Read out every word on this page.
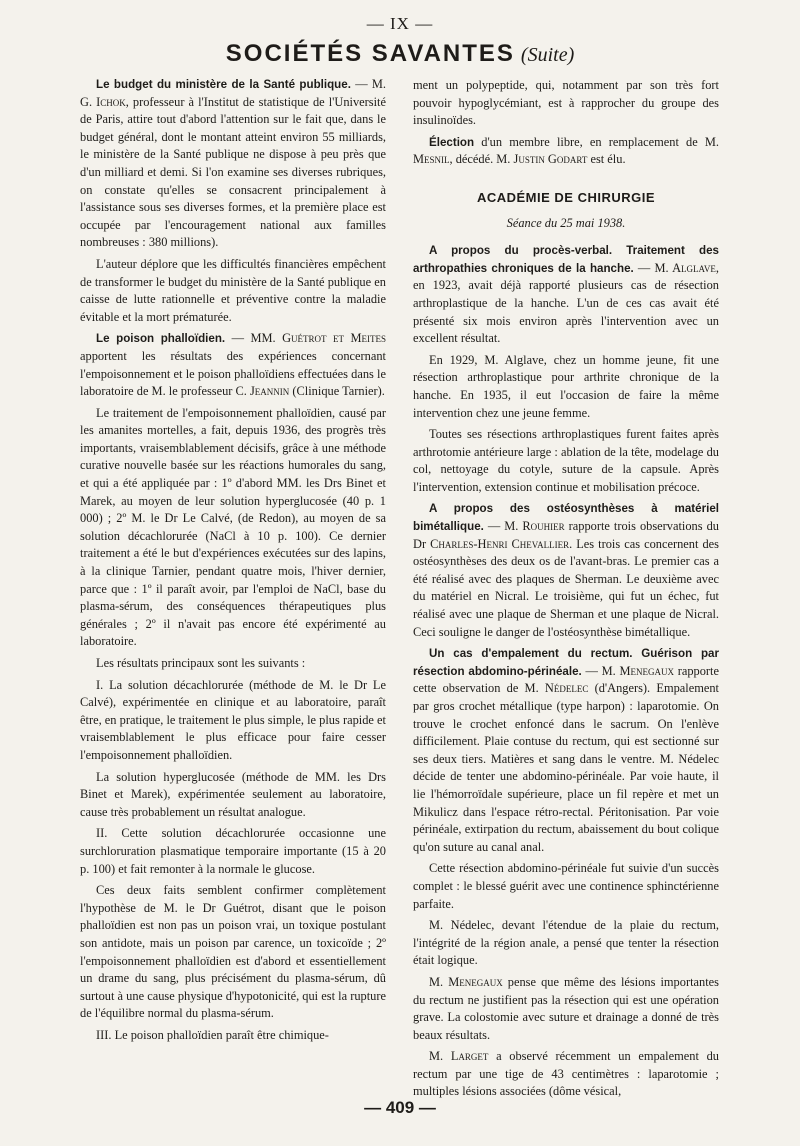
— IX —
SOCIÉTÉS SAVANTES (Suite)

Le budget du ministère de la Santé publique. — M. G. Ichok, professeur à l'Institut de statistique de l'Université de Paris, attire tout d'abord l'attention sur le fait que, dans le budget général, dont le montant atteint environ 55 milliards, le ministère de la Santé publique ne dispose à peu près que d'un milliard et demi. Si l'on examine ses diverses rubriques, on constate qu'elles se consacrent principalement à l'assistance sous ses diverses formes, et la première place est occupée par l'encouragement national aux familles nombreuses : 380 millions).

L'auteur déplore que les difficultés financières empêchent de transformer le budget du ministère de la Santé publique en caisse de lutte rationnelle et préventive contre la maladie évitable et la mort prématurée.

Le poison phalloïdien. — MM. Guétrot et Meites apportent les résultats des expériences concernant l'empoisonnement et le poison phalloïdiens effectuées dans le laboratoire de M. le professeur C. Jeannin (Clinique Tarnier).

Le traitement de l'empoisonnement phalloïdien, causé par les amanites mortelles, a fait, depuis 1936, des progrès très importants, vraisemblablement décisifs, grâce à une méthode curative nouvelle basée sur les réactions humorales du sang, et qui a été appliquée par : 1º d'abord MM. les Drs Binet et Marek, au moyen de leur solution hyperglucosée (40 p. 1 000) ; 2º M. le Dr Le Calvé, (de Redon), au moyen de sa solution décachlorurée (NaCl à 10 p. 100). Ce dernier traitement a été le but d'expériences exécutées sur des lapins, à la clinique Tarnier, pendant quatre mois, l'hiver dernier, parce que : 1º il paraît avoir, par l'emploi de NaCl, base du plasma-sérum, des conséquences thérapeutiques plus générales ; 2º il n'avait pas encore été expérimenté au laboratoire.

Les résultats principaux sont les suivants :

I. La solution décachlorurée (méthode de M. le Dr Le Calvé), expérimentée en clinique et au laboratoire, paraît être, en pratique, le traitement le plus simple, le plus rapide et vraisemblablement le plus efficace pour faire cesser l'empoisonnement phalloïdien.

La solution hyperglucosée (méthode de MM. les Drs Binet et Marek), expérimentée seulement au laboratoire, cause très probablement un résultat analogue.

II. Cette solution décachlorurée occasionne une surchloruration plasmatique temporaire importante (15 à 20 p. 100) et fait remonter à la normale le glucose.

Ces deux faits semblent confirmer complètement l'hypothèse de M. le Dr Guétrot, disant que le poison phalloïdien est non pas un poison vrai, un toxique postulant son antidote, mais un poison par carence, un toxicoïde ; 2º l'empoisonnement phalloïdien est d'abord et essentiellement un drame du sang, plus précisément du plasma-sérum, dû surtout à une cause physique d'hypotonicité, qui est la rupture de l'équilibre normal du plasma-sérum.

III. Le poison phalloïdien paraît être chimique-

ment un polypeptide, qui, notamment par son très fort pouvoir hypoglycémiant, est à rapprocher du groupe des insulinoïdes.

Élection d'un membre libre, en remplacement de M. Mesnil, décédé. M. Justin Godart est élu.

ACADÉMIE DE CHIRURGIE
Séance du 25 mai 1938.

A propos du procès-verbal. Traitement des arthropathies chroniques de la hanche. — M. Alglave, en 1923, avait déjà rapporté plusieurs cas de résection arthroplastique de la hanche. L'un de ces cas avait été présenté six mois environ après l'intervention avec un excellent résultat.

En 1929, M. Alglave, chez un homme jeune, fit une résection arthroplastique pour arthrite chronique de la hanche. En 1935, il eut l'occasion de faire la même intervention chez une jeune femme.

Toutes ses résections arthroplastiques furent faites après arthrotomie antérieure large : ablation de la tête, modelage du col, nettoyage du cotyle, suture de la capsule. Après l'intervention, extension continue et mobilisation précoce.

A propos des ostéosynthèses à matériel bimétallique. — M. Rouhier rapporte trois observations du Dr Charles-Henri Chevallier. Les trois cas concernent des ostéosynthèses des deux os de l'avant-bras. Le premier cas a été réalisé avec des plaques de Sherman. Le deuxième avec du matériel en Nicral. Le troisième, qui fut un échec, fut réalisé avec une plaque de Sherman et une plaque de Nicral. Ceci souligne le danger de l'ostéosynthèse bimétallique.

Un cas d'empalement du rectum. Guérison par résection abdomino-périnéale. — M. Menegaux rapporte cette observation de M. Nédelec (d'Angers). Empalement par gros crochet métallique (type harpon) : laparotomie. On trouve le crochet enfoncé dans le sacrum. On l'enlève difficilement. Plaie contuse du rectum, qui est sectionné sur ses deux tiers. Matières et sang dans le ventre. M. Nédelec décide de tenter une abdomino-périnéale. Par voie haute, il lie l'hémorroïdale supérieure, place un fil repère et met un Mikulicz dans l'espace rétro-rectal. Péritonisation. Par voie périnéale, extirpation du rectum, abaissement du bout colique qu'on suture au canal anal.

Cette résection abdomino-périnéale fut suivie d'un succès complet : le blessé guérit avec une continence sphinctérienne parfaite.

M. Nédelec, devant l'étendue de la plaie du rectum, l'intégrité de la région anale, a pensé que tenter la résection était logique.

M. Menegaux pense que même des lésions importantes du rectum ne justifient pas la résection qui est une opération grave. La colostomie avec suture et drainage a donné de très beaux résultats.

M. Larget a observé récemment un empalement du rectum par une tige de 43 centimètres : laparotomie ; multiples lésions associées (dôme vésical,

— 409 —
